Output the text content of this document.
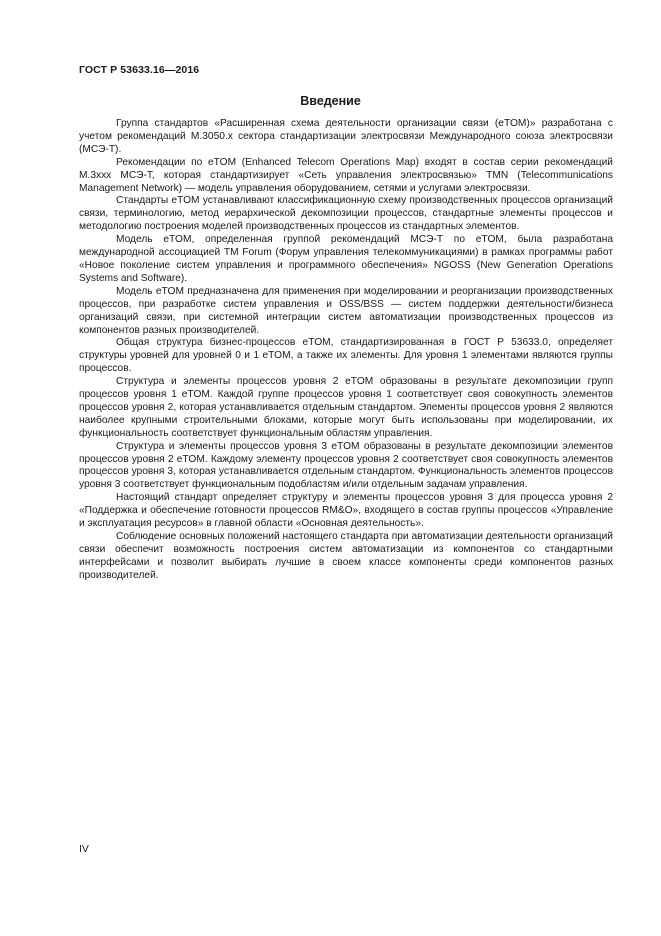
ГОСТ Р 53633.16—2016
Введение

Группа стандартов «Расширенная схема деятельности организации связи (eTOM)» разработана с учетом рекомендаций М.3050.х сектора стандартизации электросвязи Международного союза электросвязи (МСЭ-Т).

Рекомендации по eTOM (Enhanced Telecom Operations Map) входят в состав серии рекомендаций М.3ххх МСЭ-Т, которая стандартизирует «Сеть управления электросвязью» TMN (Telecommunications Management Network) — модель управления оборудованием, сетями и услугами электросвязи.

Стандарты eTOM устанавливают классификационную схему производственных процессов организаций связи, терминологию, метод иерархической декомпозиции процессов, стандартные элементы процессов и методологию построения моделей производственных процессов из стандартных элементов.

Модель eTOM, определенная группой рекомендаций МСЭ-Т по eTOM, была разработана международной ассоциацией TM Forum (Форум управления телекоммуникациями) в рамках программы работ «Новое поколение систем управления и программного обеспечения» NGOSS (New Generation Operations Systems and Software).

Модель eTOM предназначена для применения при моделировании и реорганизации производственных процессов, при разработке систем управления и OSS/BSS — систем поддержки деятельности/бизнеса организаций связи, при системной интеграции систем автоматизации производственных процессов из компонентов разных производителей.

Общая структура бизнес-процессов eTOM, стандартизированная в ГОСТ Р 53633.0, определяет структуры уровней для уровней 0 и 1 eTOM, а также их элементы. Для уровня 1 элементами являются группы процессов.

Структура и элементы процессов уровня 2 eTOM образованы в результате декомпозиции групп процессов уровня 1 eTOM. Каждой группе процессов уровня 1 соответствует своя совокупность элементов процессов уровня 2, которая устанавливается отдельным стандартом. Элементы процессов уровня 2 являются наиболее крупными строительными блоками, которые могут быть использованы при моделировании, их функциональность соответствует функциональным областям управления.

Структура и элементы процессов уровня 3 eTOM образованы в результате декомпозиции элементов процессов уровня 2 eTOM. Каждому элементу процессов уровня 2 соответствует своя совокупность элементов процессов уровня 3, которая устанавливается отдельным стандартом. Функциональность элементов процессов уровня 3 соответствует функциональным подобластям и/или отдельным задачам управления.

Настоящий стандарт определяет структуру и элементы процессов уровня 3 для процесса уровня 2 «Поддержка и обеспечение готовности процессов RM&O», входящего в состав группы процессов «Управление и эксплуатация ресурсов» в главной области «Основная деятельность».

Соблюдение основных положений настоящего стандарта при автоматизации деятельности организаций связи обеспечит возможность построения систем автоматизации из компонентов со стандартными интерфейсами и позволит выбирать лучшие в своем классе компоненты среди компонентов разных производителей.

IV
